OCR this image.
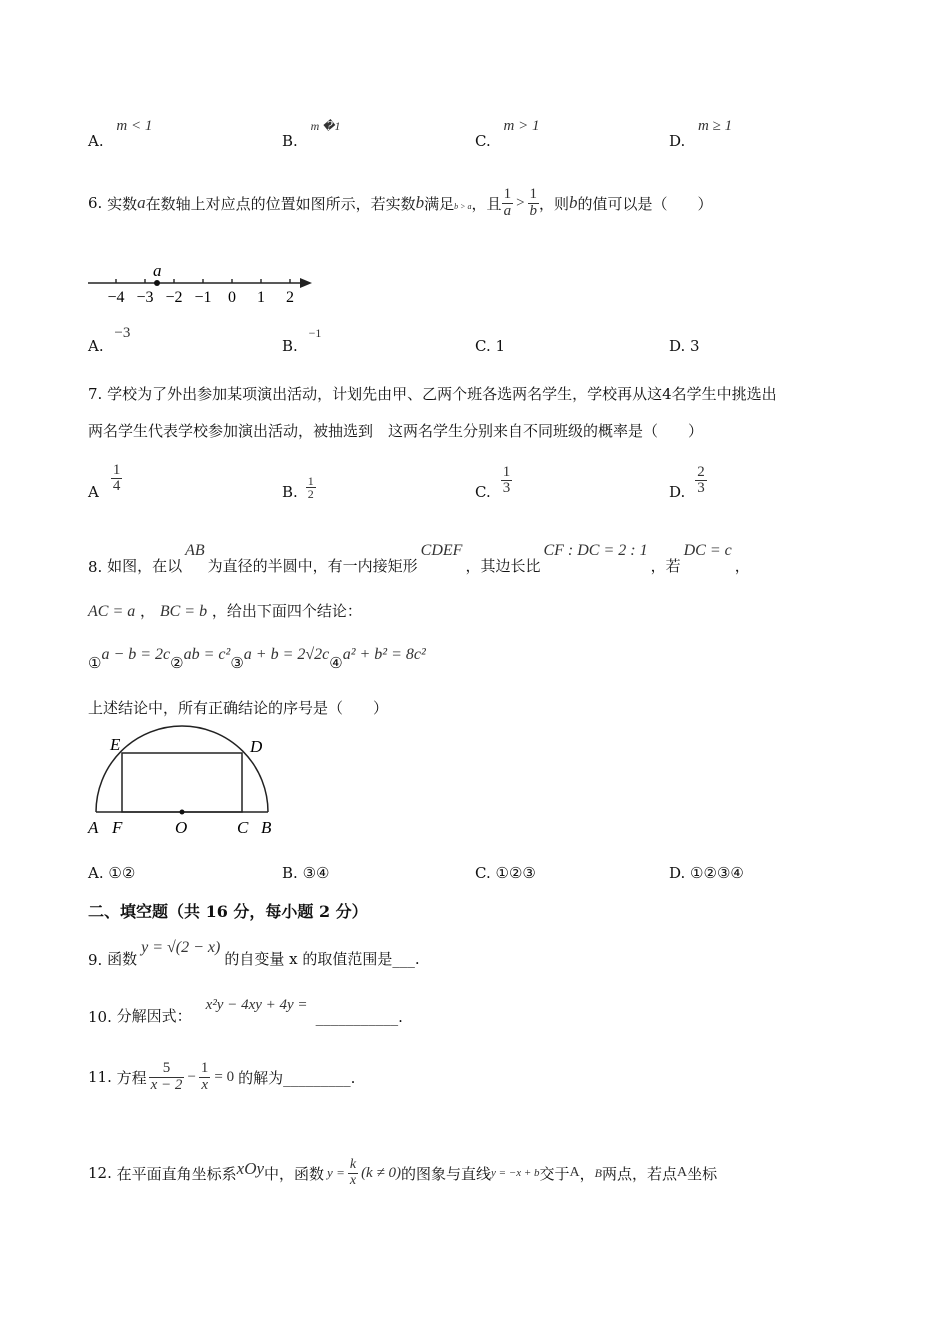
A. m < 1
B. $^{m �1}$
C. m > 1
D. m ≥ 1
6.
实数 a 在数轴上对应点的位置如图所示，若实数 b 满足 b > a ，且 $\frac{1}{a} > \frac{1}{b}$ ，则 b 的值可以是（　　）
−4 −3 −2 −1 0 1 2
a
A. −3
B. $^{-1}$
C. 1	D. 3
7. 学校为了外出参加某项演出活动，计划先由甲、乙两个班各选两名学生，学校再从这4名学生中挑选出
两名学生代表学校参加演出活动，被抽选到　这两名学生分别来自不同班级的概率是（　　）
A $\frac{1}{4}$	B. $\frac{1}{2}$	C. $\frac{1}{3}$	D. $\frac{2}{3}$
8.
如图，在以
AB
为直径的半圆中，有一内接矩形
CDEF
，其边长比
CF : DC = 2 : 1
，若
DC = c
，
AC = a ， BC = b ，给出下面四个结论：
① a − b = 2c ② ab = c² ③ a + b = 2√2c ④ a² + b² = 8c²
上述结论中，所有正确结论的序号是（　　）
E	D
A F	O	C B
A. ①②	B. ③④	C. ①②③	D. ①②③④
二、填空题（共 16 分，每小题 2 分）
9.
函数
y = √(2 − x)
的自变量 x 的取值范围是___.
10.
分解因式：
x²y − 4xy + 4y =
___________.
11.
方程 $\frac{5}{x - 2} - \frac{1}{x} = 0$ 的解为_________.
12.
在平面直角坐标系 xOy 中，函数 $y = \frac{k}{x} (k \ne 0)$ 的图象与直线 y = −x + b 交于 A ， B 两点，若点 A 坐标
